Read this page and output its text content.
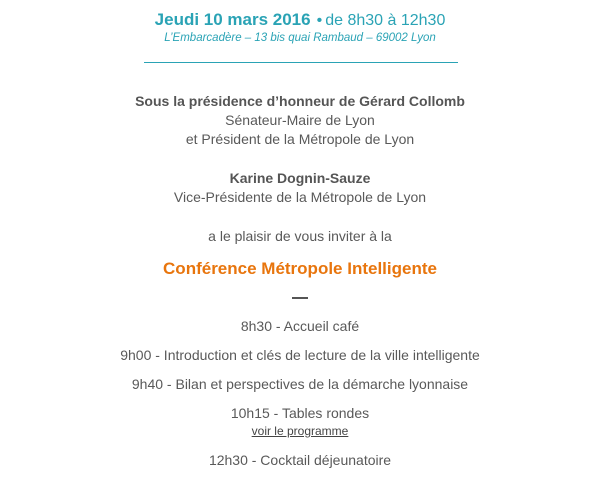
Jeudi 10 mars 2016 • de 8h30 à 12h30
L’Embarcadère – 13 bis quai Rambaud – 69002 Lyon
Sous la présidence d’honneur de Gérard Collomb
Sénateur-Maire de Lyon
et Président de la Métropole de Lyon
Karine Dognin-Sauze
Vice-Présidente de la Métropole de Lyon
a le plaisir de vous inviter à la
Conférence Métropole Intelligente
8h30 - Accueil café
9h00 - Introduction et clés de lecture de la ville intelligente
9h40 - Bilan et perspectives de la démarche lyonnaise
10h15 - Tables rondes
voir le programme
12h30 - Cocktail déjeunatoire
